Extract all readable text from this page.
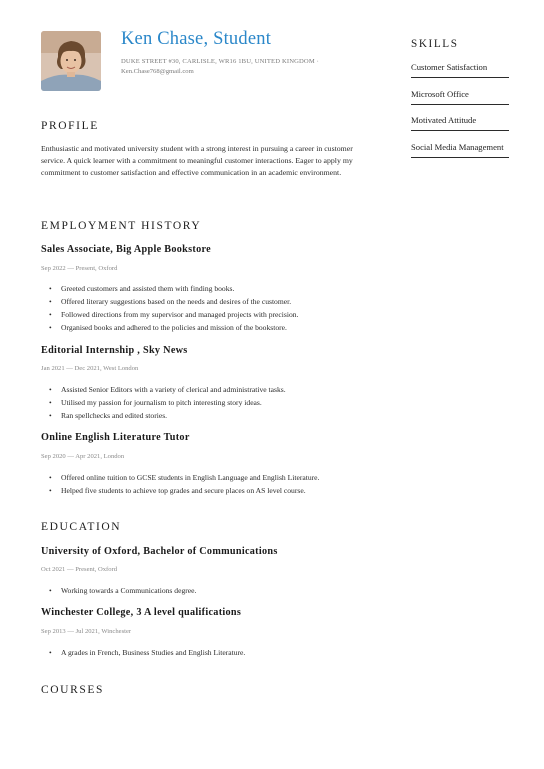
Ken Chase, Student
DUKE STREET #30, CARLISLE, WR16 1BU, UNITED KINGDOM ·
Ken.Chase768@gmail.com
PROFILE
Enthusiastic and motivated university student with a strong interest in pursuing a career in customer service. A quick learner with a commitment to meaningful customer interactions. Eager to apply my commitment to customer satisfaction and effective communication in an academic environment.
EMPLOYMENT HISTORY
Sales Associate, Big Apple Bookstore
Sep 2022 — Present, Oxford
• Greeted customers and assisted them with finding books.
• Offered literary suggestions based on the needs and desires of the customer.
• Followed directions from my supervisor and managed projects with precision.
• Organised books and adhered to the policies and mission of the bookstore.
Editorial Internship , Sky News
Jan 2021 — Dec 2021, West London
• Assisted Senior Editors with a variety of clerical and administrative tasks.
• Utilised my passion for journalism to pitch interesting story ideas.
• Ran spellchecks and edited stories.
Online English Literature Tutor
Sep 2020 — Apr 2021, London
• Offered online tuition to GCSE students in English Language and English Literature.
• Helped five students to achieve top grades and secure places on AS level course.
EDUCATION
University of Oxford, Bachelor of Communications
Oct 2021 — Present, Oxford
• Working towards a Communications degree.
Winchester College, 3 A level qualifications
Sep 2013 — Jul 2021, Winchester
• A grades in French, Business Studies and English Literature.
COURSES
SKILLS
Customer Satisfaction
Microsoft Office
Motivated Attitude
Social Media Management
